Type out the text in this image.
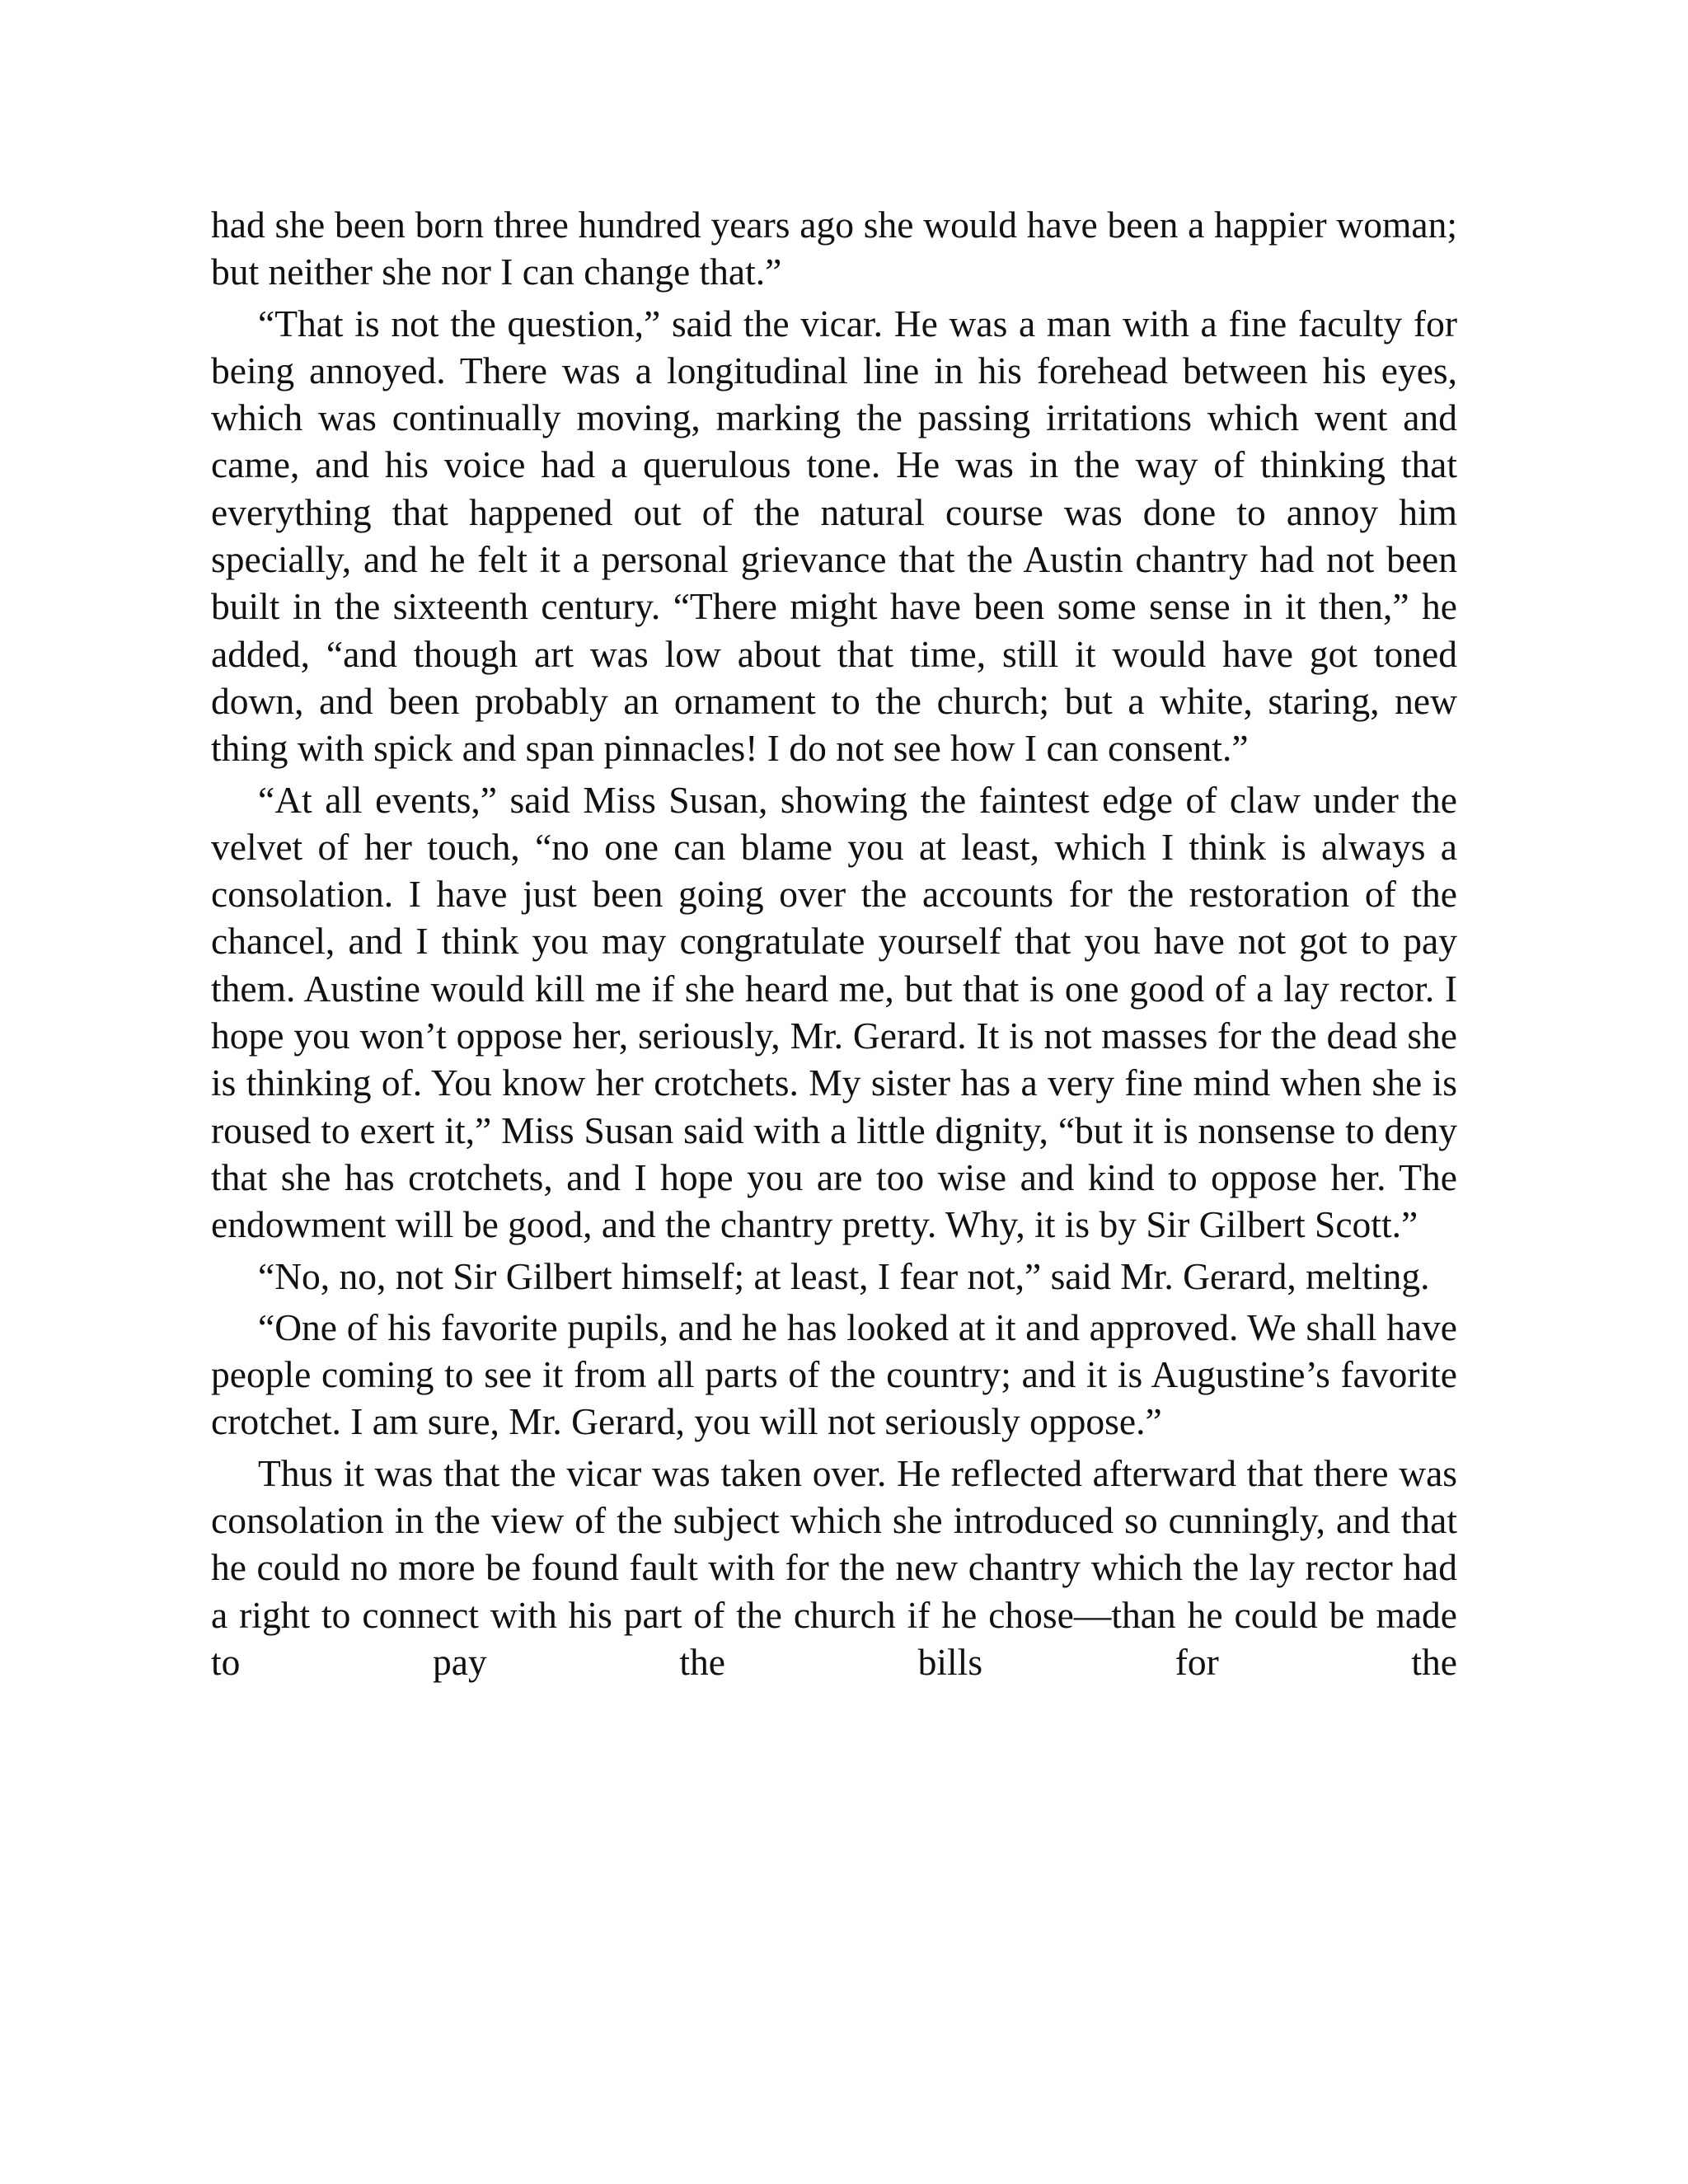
had she been born three hundred years ago she would have been a happier woman; but neither she nor I can change that.”

“That is not the question,” said the vicar. He was a man with a fine faculty for being annoyed. There was a longitudinal line in his forehead between his eyes, which was continually moving, marking the passing irritations which went and came, and his voice had a querulous tone. He was in the way of thinking that everything that happened out of the natural course was done to annoy him specially, and he felt it a personal grievance that the Austin chantry had not been built in the sixteenth century. “There might have been some sense in it then,” he added, “and though art was low about that time, still it would have got toned down, and been probably an ornament to the church; but a white, staring, new thing with spick and span pinnacles! I do not see how I can consent.”

“At all events,” said Miss Susan, showing the faintest edge of claw under the velvet of her touch, “no one can blame you at least, which I think is always a consolation. I have just been going over the accounts for the restoration of the chancel, and I think you may congratulate yourself that you have not got to pay them. Austine would kill me if she heard me, but that is one good of a lay rector. I hope you won’t oppose her, seriously, Mr. Gerard. It is not masses for the dead she is thinking of. You know her crotchets. My sister has a very fine mind when she is roused to exert it,” Miss Susan said with a little dignity, “but it is nonsense to deny that she has crotchets, and I hope you are too wise and kind to oppose her. The endowment will be good, and the chantry pretty. Why, it is by Sir Gilbert Scott.”

“No, no, not Sir Gilbert himself; at least, I fear not,” said Mr. Gerard, melting.

“One of his favorite pupils, and he has looked at it and approved. We shall have people coming to see it from all parts of the country; and it is Augustine’s favorite crotchet. I am sure, Mr. Gerard, you will not seriously oppose.”

Thus it was that the vicar was taken over. He reflected afterward that there was consolation in the view of the subject which she introduced so cunningly, and that he could no more be found fault with for the new chantry which the lay rector had a right to connect with his part of the church if he chose—than he could be made to pay the bills for the
